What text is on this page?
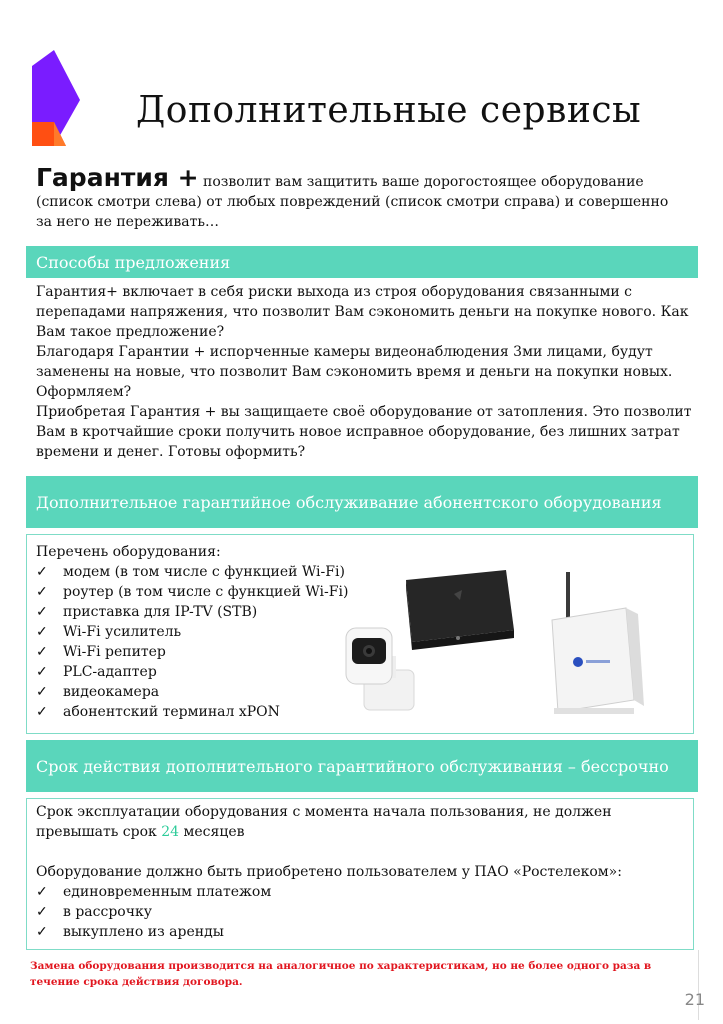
Дополнительные сервисы
Гарантия + позволит вам защитить ваше дорогостоящее оборудование (список смотри слева) от любых повреждений (список смотри справа) и совершенно за него не переживать…
Способы предложения
Гарантия+ включает в себя риски выхода из строя оборудования связанными с перепадами напряжения, что позволит Вам сэкономить деньги на покупке нового. Как Вам такое предложение?
Благодаря Гарантии + испорченные камеры видеонаблюдения 3ми лицами, будут заменены на новые, что позволит Вам сэкономить время и деньги на покупки новых. Оформляем?
Приобретая Гарантия + вы защищаете своё оборудование от затопления. Это позволит Вам в кротчайшие сроки получить новое исправное оборудование, без лишних затрат времени и денег. Готовы оформить?
Дополнительное гарантийное обслуживание абонентского оборудования
Перечень оборудования:
✓	модем (в том числе с функцией Wi-Fi)
✓	роутер (в том числе с функцией Wi-Fi)
✓	приставка для IP-TV (STB)
✓	Wi-Fi усилитель
✓	Wi-Fi репитер
✓	PLC-адаптер
✓	видеокамера
✓	абонентский терминал xPON
Срок действия дополнительного гарантийного обслуживания – бессрочно
Срок эксплуатации оборудования с момента начала пользования, не должен превышать срок 24 месяцев
Оборудование должно быть приобретено пользователем у ПАО «Ростелеком»:
✓	единовременным платежом
✓	в рассрочку
✓	выкуплено из аренды
Замена оборудования производится на аналогичное по характеристикам, но не более одного раза в течение срока действия договора.
21
